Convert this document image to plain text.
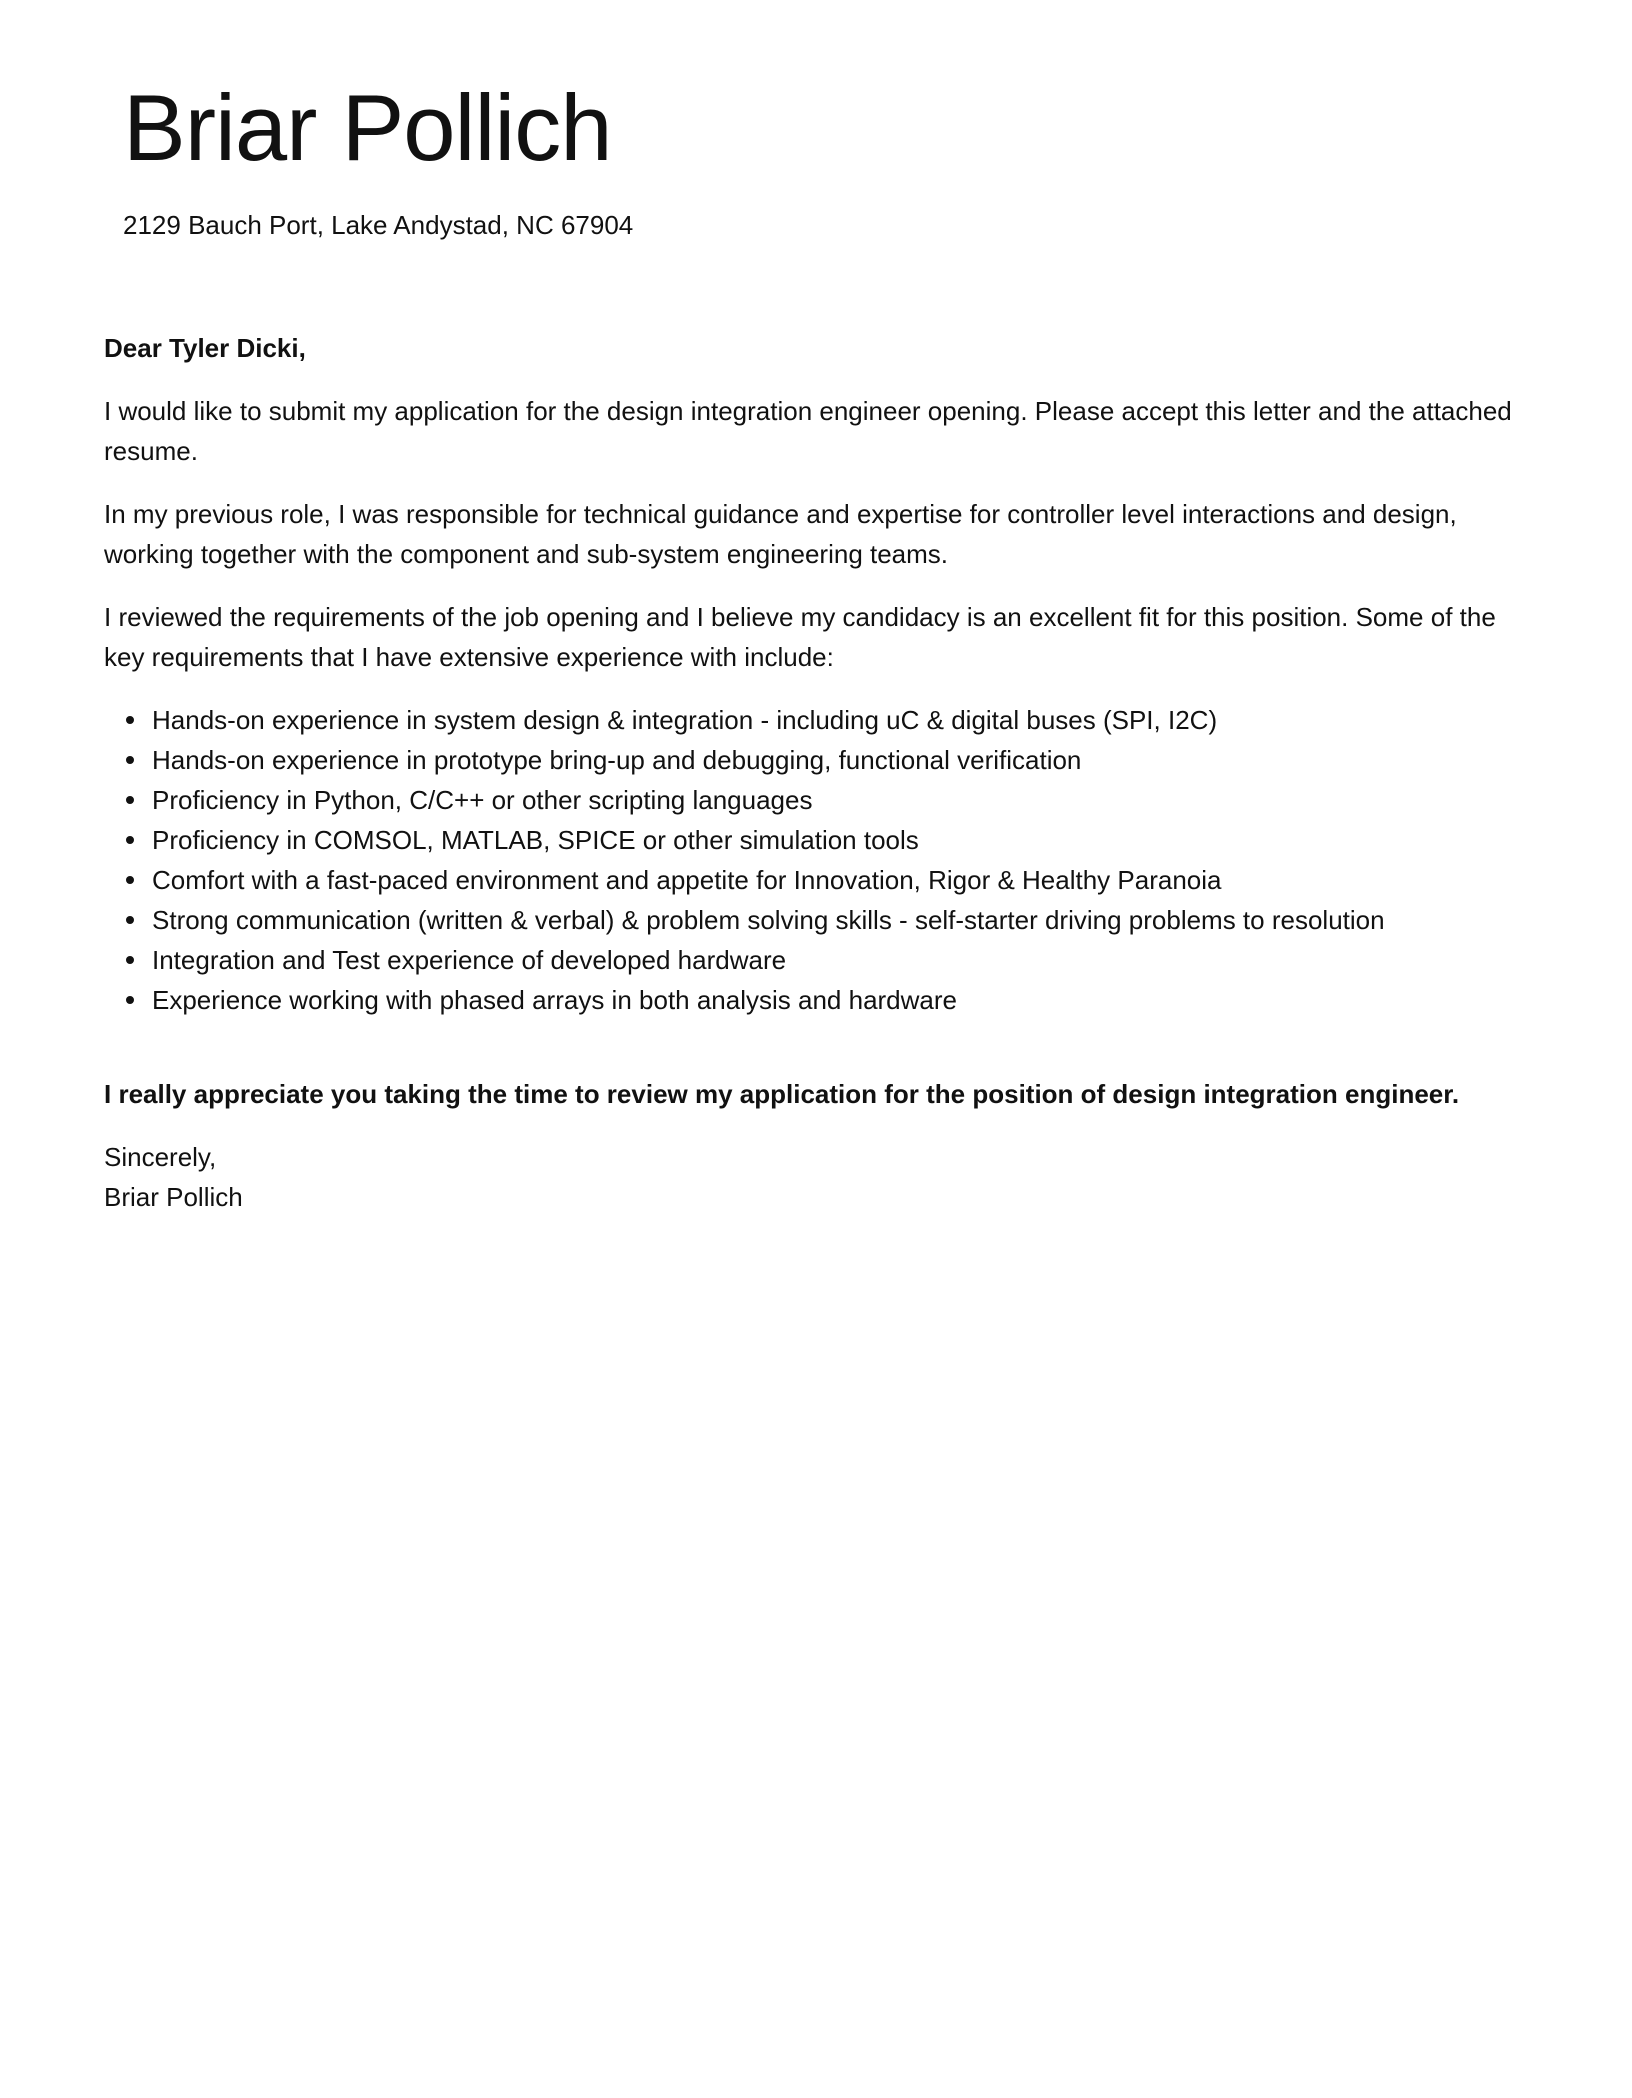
Briar Pollich
2129 Bauch Port, Lake Andystad, NC 67904

Dear Tyler Dicki,

I would like to submit my application for the design integration engineer opening. Please accept this letter and the attached resume.

In my previous role, I was responsible for technical guidance and expertise for controller level interactions and design, working together with the component and sub-system engineering teams.

I reviewed the requirements of the job opening and I believe my candidacy is an excellent fit for this position. Some of the key requirements that I have extensive experience with include:

Hands-on experience in system design & integration - including uC & digital buses (SPI, I2C)
Hands-on experience in prototype bring-up and debugging, functional verification
Proficiency in Python, C/C++ or other scripting languages
Proficiency in COMSOL, MATLAB, SPICE or other simulation tools
Comfort with a fast-paced environment and appetite for Innovation, Rigor & Healthy Paranoia
Strong communication (written & verbal) & problem solving skills - self-starter driving problems to resolution
Integration and Test experience of developed hardware
Experience working with phased arrays in both analysis and hardware

I really appreciate you taking the time to review my application for the position of design integration engineer.

Sincerely,
Briar Pollich
